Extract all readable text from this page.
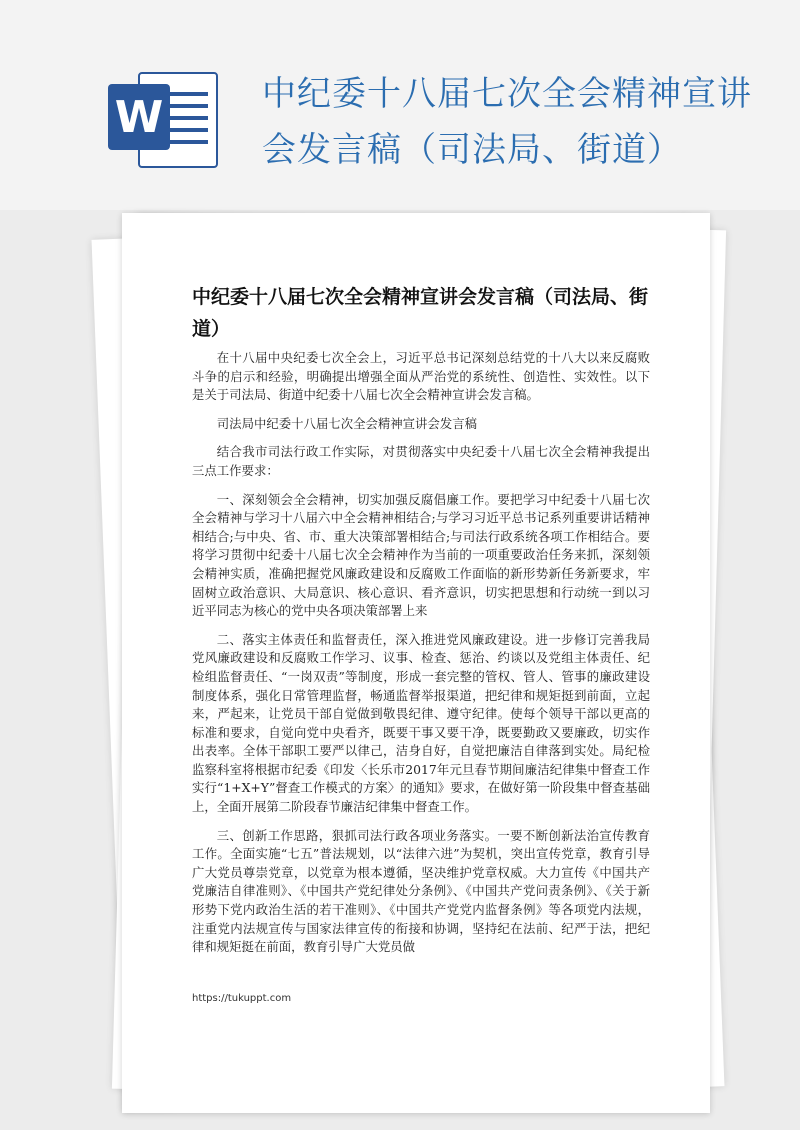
W	中纪委十八届七次全会精神宣讲会发言稿（司法局、街道）
中纪委十八届七次全会精神宣讲会发言稿（司法局、街道）

在十八届中央纪委七次全会上，习近平总书记深刻总结党的十八大以来反腐败斗争的启示和经验，明确提出增强全面从严治党的系统性、创造性、实效性。以下是关于司法局、街道中纪委十八届七次全会精神宣讲会发言稿。

司法局中纪委十八届七次全会精神宣讲会发言稿

结合我市司法行政工作实际，对贯彻落实中央纪委十八届七次全会精神我提出三点工作要求：

一、深刻领会全会精神，切实加强反腐倡廉工作。要把学习中纪委十八届七次全会精神与学习十八届六中全会精神相结合;与学习习近平总书记系列重要讲话精神相结合;与中央、省、市、重大决策部署相结合;与司法行政系统各项工作相结合。要将学习贯彻中纪委十八届七次全会精神作为当前的一项重要政治任务来抓，深刻领会精神实质，准确把握党风廉政建设和反腐败工作面临的新形势新任务新要求，牢固树立政治意识、大局意识、核心意识、看齐意识，切实把思想和行动统一到以习近平同志为核心的党中央各项决策部署上来

二、落实主体责任和监督责任，深入推进党风廉政建设。进一步修订完善我局党风廉政建设和反腐败工作学习、议事、检查、惩治、约谈以及党组主体责任、纪检组监督责任、“一岗双责”等制度，形成一套完整的管权、管人、管事的廉政建设制度体系，强化日常管理监督，畅通监督举报渠道，把纪律和规矩挺到前面，立起来，严起来，让党员干部自觉做到敬畏纪律、遵守纪律。使每个领导干部以更高的标准和要求，自觉向党中央看齐，既要干事又要干净，既要勤政又要廉政，切实作出表率。全体干部职工要严以律己，洁身自好，自觉把廉洁自律落到实处。局纪检监察科室将根据市纪委《印发〈长乐市2017年元旦春节期间廉洁纪律集中督查工作实行“1+X+Y”督查工作模式的方案〉的通知》要求，在做好第一阶段集中督查基础上，全面开展第二阶段春节廉洁纪律集中督查工作。

三、创新工作思路，狠抓司法行政各项业务落实。一要不断创新法治宣传教育工作。全面实施“七五”普法规划，以“法律六进”为契机，突出宣传党章，教育引导广大党员尊崇党章，以党章为根本遵循，坚决维护党章权威。大力宣传《中国共产党廉洁自律准则》、《中国共产党纪律处分条例》、《中国共产党问责条例》、《关于新形势下党内政治生活的若干准则》、《中国共产党党内监督条例》等各项党内法规，注重党内法规宣传与国家法律宣传的衔接和协调，坚持纪在法前、纪严于法，把纪律和规矩挺在前面，教育引导广大党员做

https://tukuppt.com
